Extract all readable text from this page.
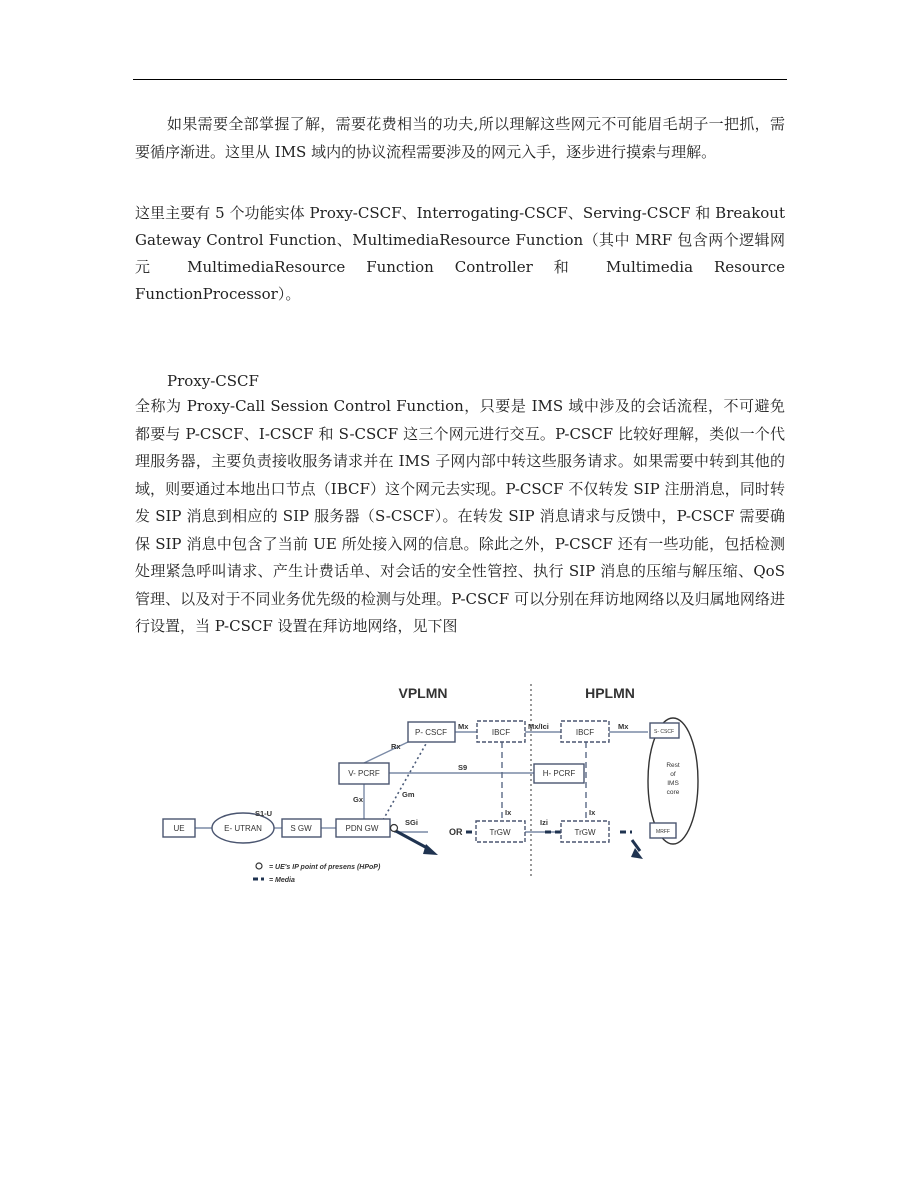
如果需要全部掌握了解，需要花费相当的功夫,所以理解这些网元不可能眉毛胡子一把抓，需要循序渐进。这里从 IMS 域内的协议流程需要涉及的网元入手，逐步进行摸索与理解。

这里主要有 5 个功能实体 Proxy-CSCF、Interrogating-CSCF、Serving-CSCF 和 Breakout Gateway Control Function、MultimediaResource Function（其中 MRF 包含两个逻辑网元 MultimediaResource Function Controller 和 Multimedia Resource FunctionProcessor）。

Proxy-CSCF

全称为 Proxy-Call Session Control Function，只要是 IMS 域中涉及的会话流程，不可避免都要与 P-CSCF、I-CSCF 和 S-CSCF 这三个网元进行交互。P-CSCF 比较好理解，类似一个代理服务器，主要负责接收服务请求并在 IMS 子网内部中转这些服务请求。如果需要中转到其他的域，则要通过本地出口节点（IBCF）这个网元去实现。P-CSCF 不仅转发 SIP 注册消息，同时转发 SIP 消息到相应的 SIP 服务器（S-CSCF）。在转发 SIP 消息请求与反馈中，P-CSCF 需要确保 SIP 消息中包含了当前 UE 所处接入网的信息。除此之外，P-CSCF 还有一些功能，包括检测处理紧急呼叫请求、产生计费话单、对会话的安全性管控、执行 SIP 消息的压缩与解压缩、QoS 管理、以及对于不同业务优先级的检测与处理。P-CSCF 可以分别在拜访地网络以及归属地网络进行设置，当 P-CSCF 设置在拜访地网络，见下图

VPLMN	HPLMN
UE	E- UTRAN	S GW	PDN GW
P- CSCF
V- PCRF
IBCF	IBCF
H- PCRF
TrGW	TrGW
S- CSCF
MRFF
Rest
of
IMS
core
S1-U
SGi
Rx
Gx
Gm
S9
Mx	Mx/Ici	Mx
Ix	Ix
Izi
OR
= UE's IP point of presens (HPoP)
= Media
